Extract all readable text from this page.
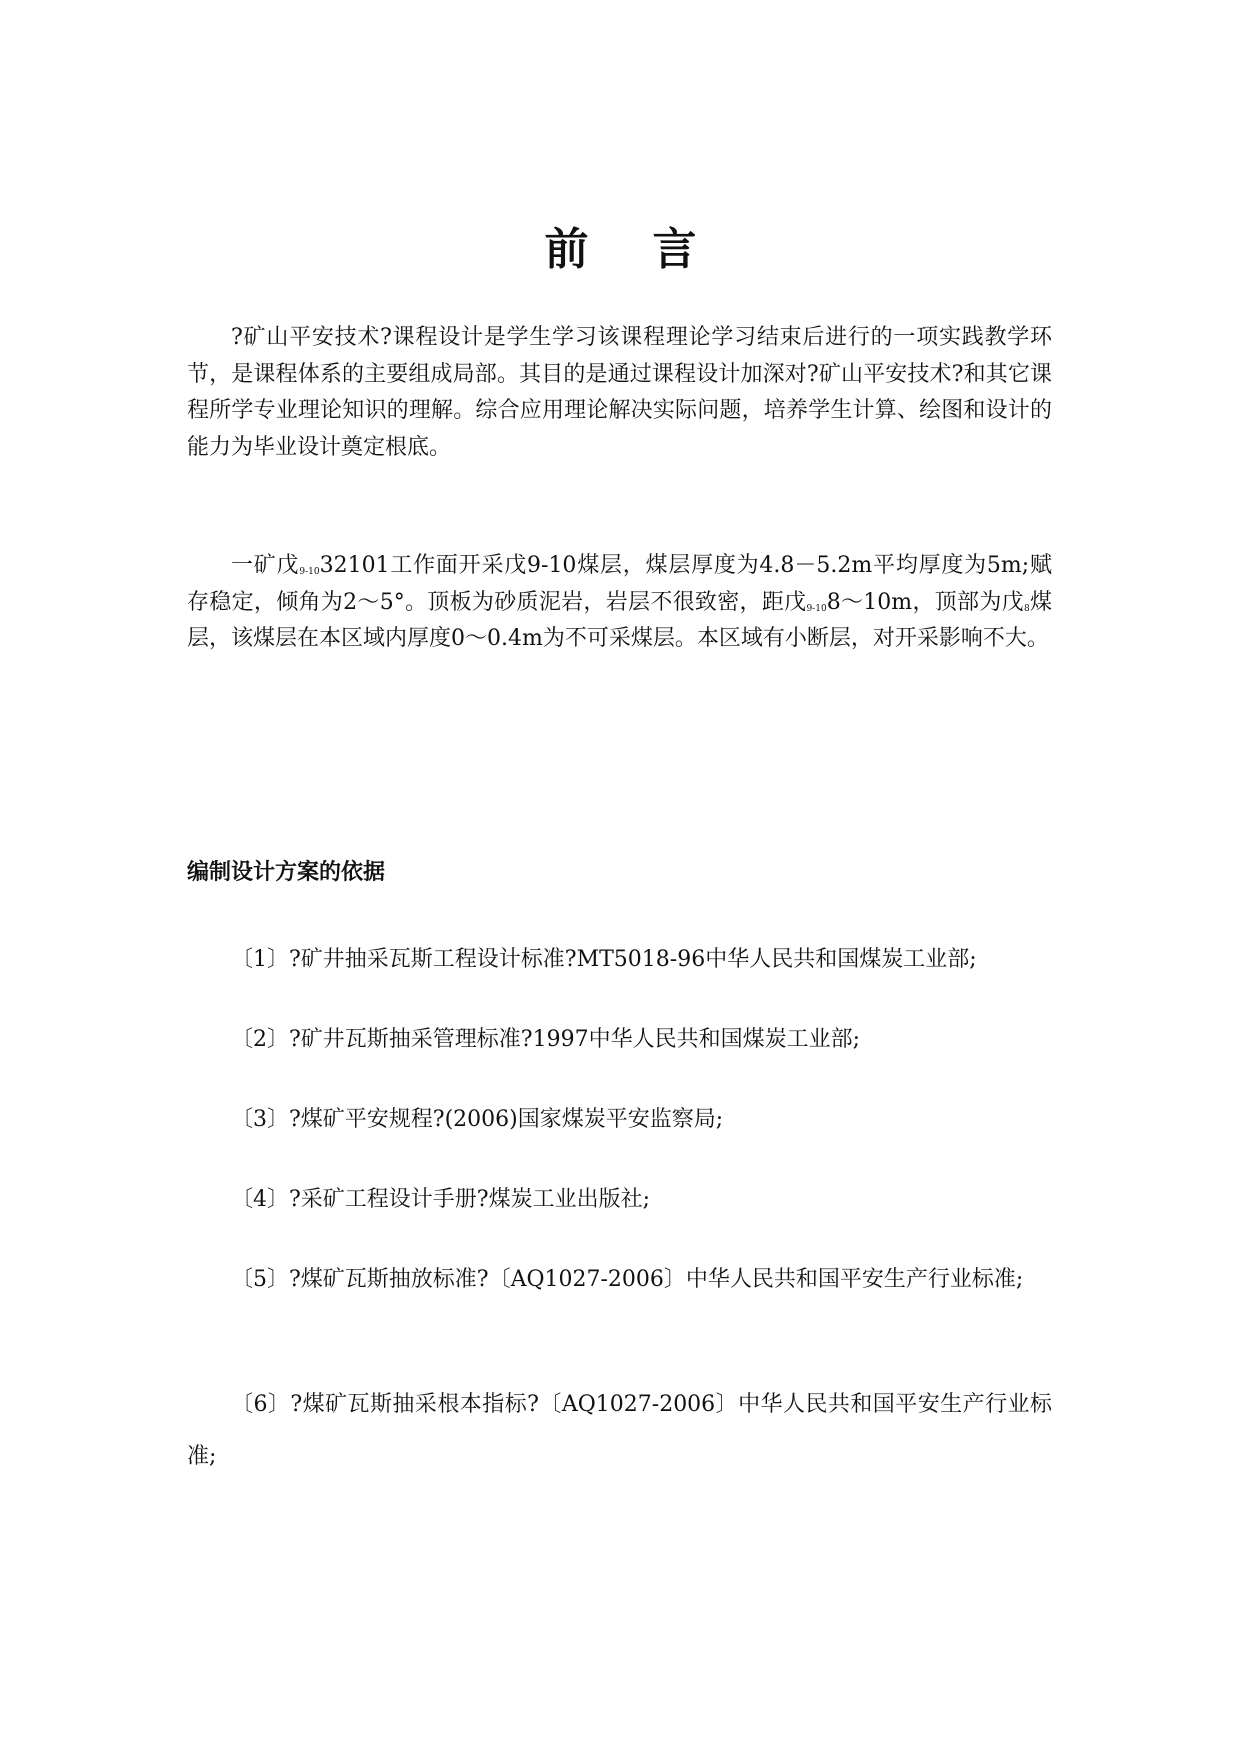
前言

?矿山平安技术?课程设计是学生学习该课程理论学习结束后进行的一项实践教学环节，是课程体系的主要组成局部。其目的是通过课程设计加深对?矿山平安技术?和其它课程所学专业理论知识的理解。综合应用理论解决实际问题，培养学生计算、绘图和设计的能力为毕业设计奠定根底。

一矿戊$_{9-10}$32101工作面开采戊9-10煤层，煤层厚度为4.8－5.2m平均厚度为5m;赋存稳定，倾角为2～5°。顶板为砂质泥岩，岩层不很致密，距戊$_{9-10}$8～10m，顶部为戊$_8$煤层，该煤层在本区域内厚度0～0.4m为不可采煤层。本区域有小断层，对开采影响不大。

编制设计方案的依据

〔1〕?矿井抽采瓦斯工程设计标准?MT5018-96中华人民共和国煤炭工业部;

〔2〕?矿井瓦斯抽采管理标准?1997中华人民共和国煤炭工业部;

〔3〕?煤矿平安规程?(2006)国家煤炭平安监察局;

〔4〕?采矿工程设计手册?煤炭工业出版社;

〔5〕?煤矿瓦斯抽放标准?〔AQ1027-2006〕中华人民共和国平安生产行业标准;

〔6〕?煤矿瓦斯抽采根本指标?〔AQ1027-2006〕中华人民共和国平安生产行业标准;
